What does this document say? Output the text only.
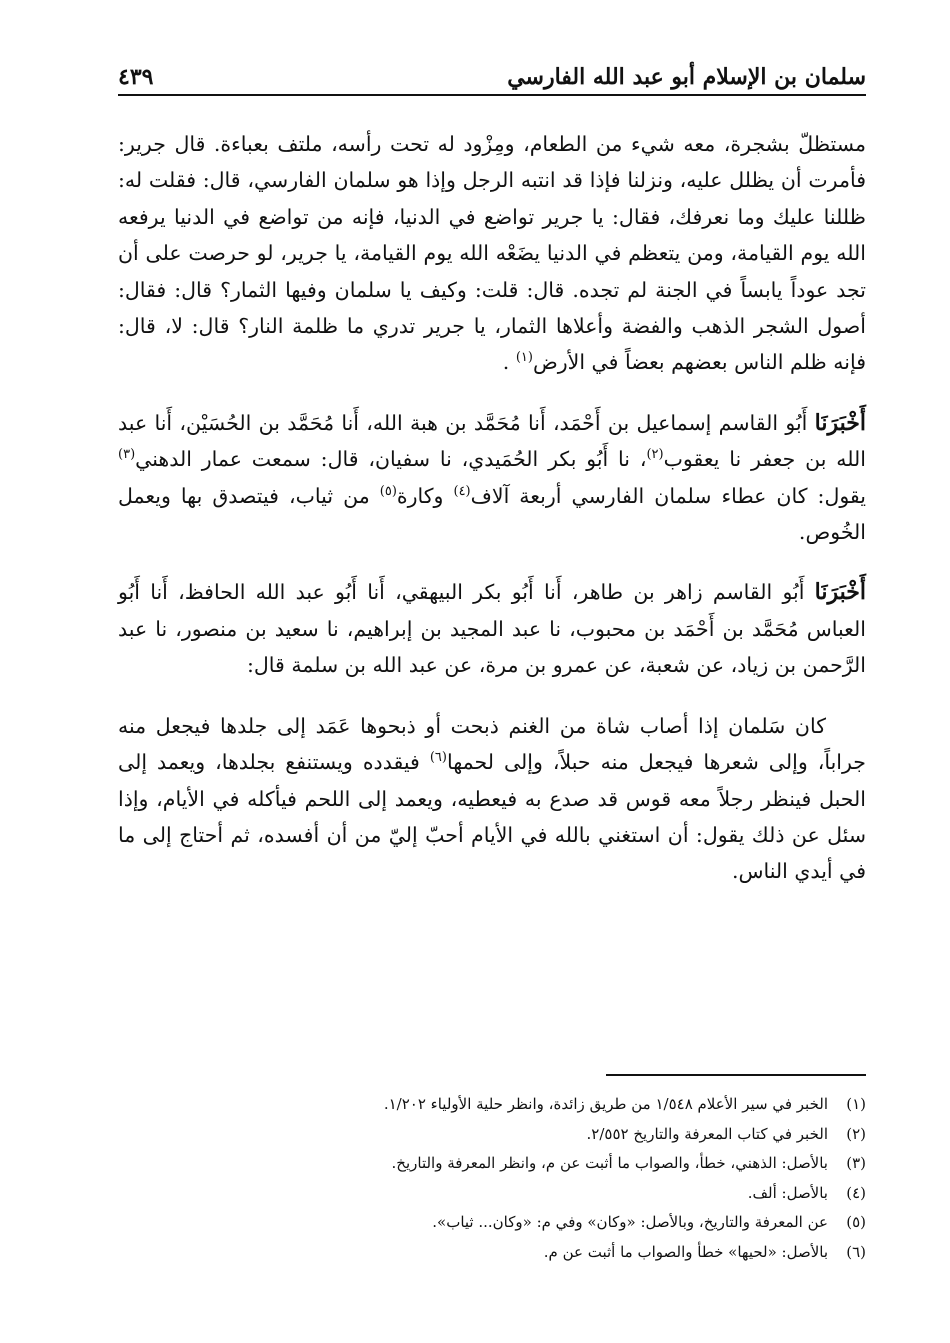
سلمان بن الإسلام أبو عبد الله الفارسي
٤٣٩

مستظلّ بشجرة، معه شيء من الطعام، ومِزْود له تحت رأسه، ملتف بعباءة. قال جرير: فأمرت أن يظلل عليه، ونزلنا فإذا قد انتبه الرجل وإذا هو سلمان الفارسي، قال: فقلت له: ظللنا عليك وما نعرفك، فقال: يا جرير تواضع في الدنيا، فإنه من تواضع في الدنيا يرفعه الله يوم القيامة، ومن يتعظم في الدنيا يضَعْه الله يوم القيامة، يا جرير، لو حرصت على أن تجد عوداً يابساً في الجنة لم تجده. قال: قلت: وكيف يا سلمان وفيها الثمار؟ قال: فقال: أصول الشجر الذهب والفضة وأعلاها الثمار، يا جرير تدري ما ظلمة النار؟ قال: لا، قال: فإنه ظلم الناس بعضهم بعضاً في الأرض$^{(١)}$ .

أَخْبَرَنَا أَبُو القاسم إسماعيل بن أَحْمَد، أَنا مُحَمَّد بن هبة الله، أَنا مُحَمَّد بن الحُسَيْن، أَنا عبد الله بن جعفر نا يعقوب$^{(٢)}$، نا أَبُو بكر الحُمَيدي، نا سفيان، قال: سمعت عمار الدهني$^{(٣)}$ يقول: كان عطاء سلمان الفارسي أربعة آلاف$^{(٤)}$ وكارة$^{(٥)}$ من ثياب، فيتصدق بها ويعمل الخُوص.

أَخْبَرَنَا أَبُو القاسم زاهر بن طاهر، أَنا أَبُو بكر البيهقي، أَنا أَبُو عبد الله الحافظ، أَنا أَبُو العباس مُحَمَّد بن أَحْمَد بن محبوب، نا عبد المجيد بن إبراهيم، نا سعيد بن منصور، نا عبد الرَّحمن بن زياد، عن شعبة، عن عمرو بن مرة، عن عبد الله بن سلمة قال:

كان سَلمان إذا أصاب شاة من الغنم ذبحت أو ذبحوها عَمَد إلى جلدها فيجعل منه جراباً، وإلى شعرها فيجعل منه حبلاً، وإلى لحمها$^{(٦)}$ فيقدده ويستنفع بجلدها، ويعمد إلى الحبل فينظر رجلاً معه قوس قد صدع به فيعطيه، ويعمد إلى اللحم فيأكله في الأيام، وإذا سئل عن ذلك يقول: أن استغني بالله في الأيام أحبّ إليّ من أن أفسده، ثم أحتاج إلى ما في أيدي الناس.

(١)
الخبر في سير الأعلام ١/٥٤٨ من طريق زائدة، وانظر حلية الأولياء ١/٢٠٢.
(٢)
الخبر في كتاب المعرفة والتاريخ ٢/٥٥٢.
(٣)
بالأصل: الذهني، خطأ، والصواب ما أثبت عن م، وانظر المعرفة والتاريخ.
(٤)
بالأصل: ألف.
(٥)
عن المعرفة والتاريخ، وبالأصل: «وكان» وفي م: «وكان... ثياب».
(٦)
بالأصل: «لحيها» خطأ والصواب ما أثبت عن م.
